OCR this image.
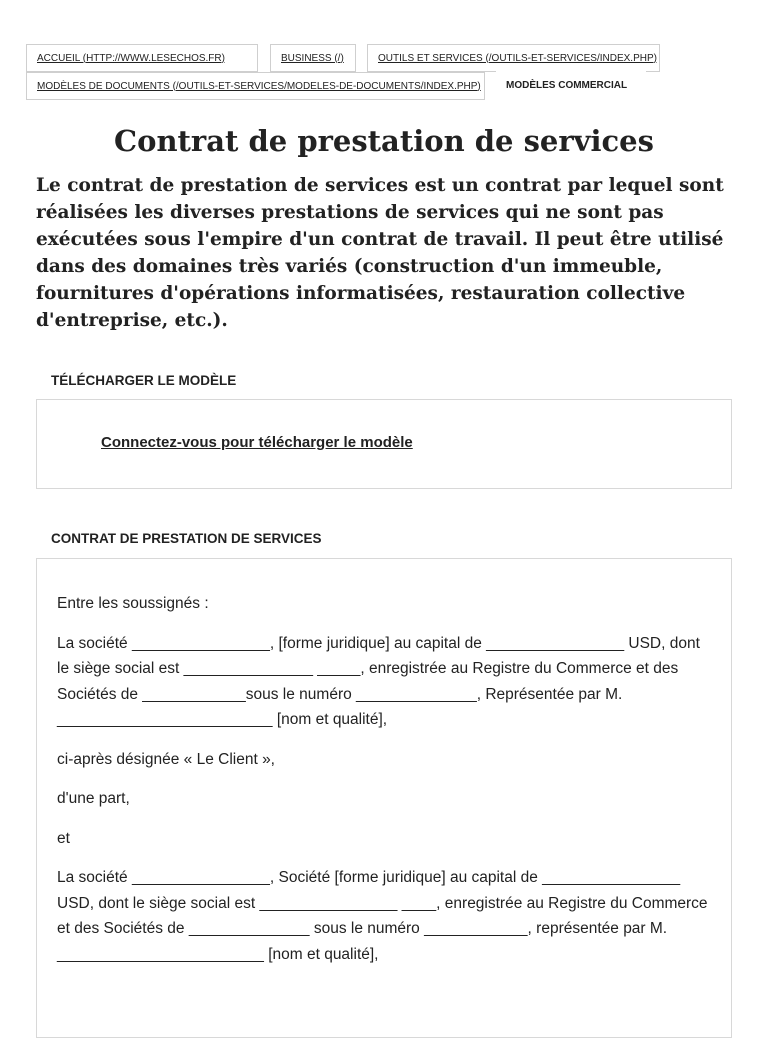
ACCUEIL (HTTP://WWW.LESECHOS.FR)	BUSINESS (/)	OUTILS ET SERVICES (/OUTILS-ET-SERVICES/INDEX.PHP)
MODÈLES DE DOCUMENTS (/OUTILS-ET-SERVICES/MODELES-DE-DOCUMENTS/INDEX.PHP)	MODÈLES COMMERCIAL
Contrat de prestation de services

Le contrat de prestation de services est un contrat par lequel sont réalisées les diverses prestations de services qui ne sont pas exécutées sous l'empire d'un contrat de travail. Il peut être utilisé dans des domaines très variés (construction d'un immeuble, fournitures d'opérations informatisées, restauration collective d'entreprise, etc.).

TÉLÉCHARGER LE MODÈLE
Connectez-vous pour télécharger le modèle
CONTRAT DE PRESTATION DE SERVICES

Entre les soussignés :

La société ________________, [forme juridique] au capital de ________________ USD, dont le siège social est _______________ _____, enregistrée au Registre du Commerce et des Sociétés de ____________sous le numéro ______________, Représentée par M. _________________________ [nom et qualité],

ci-après désignée « Le Client »,

d'une part,

et

La société ________________, Société [forme juridique] au capital de ________________ USD, dont le siège social est ________________ ____, enregistrée au Registre du Commerce et des Sociétés de ______________ sous le numéro ____________, représentée par M. ________________________ [nom et qualité],
